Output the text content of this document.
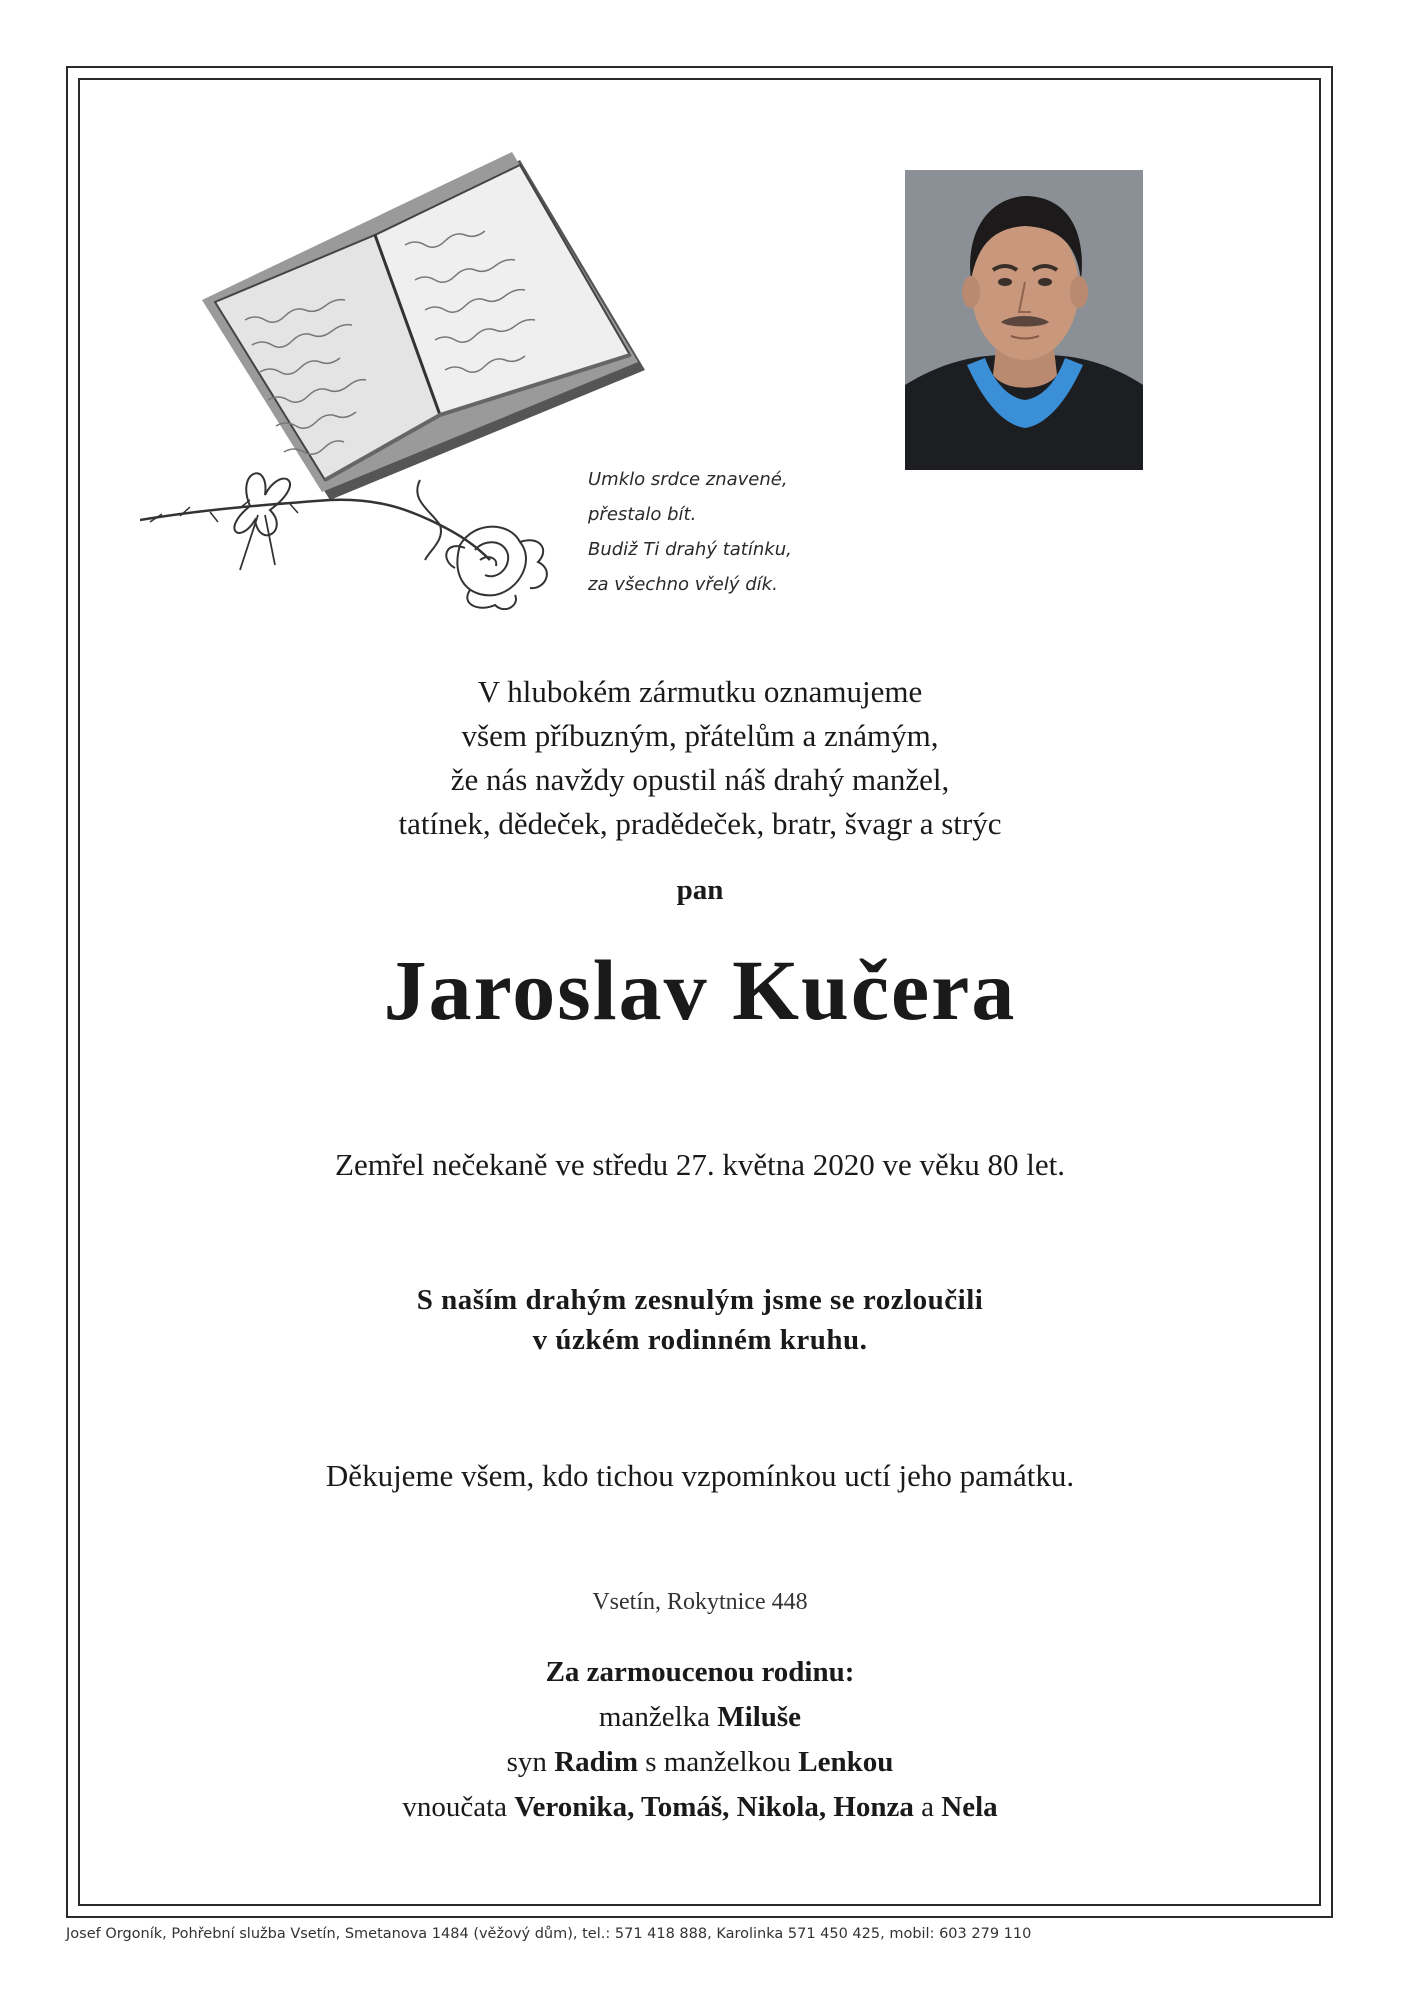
Umklo srdce znavené,
přestalo bít.
Budiž Ti drahý tatínku,
za všechno vřelý dík.
V hlubokém zármutku oznamujeme
všem příbuzným, přátelům a známým,
že nás navždy opustil náš drahý manžel,
tatínek, dědeček, pradědeček, bratr, švagr a strýc
pan
Jaroslav Kučera
Zemřel nečekaně ve středu 27. května 2020 ve věku 80 let.
S naším drahým zesnulým jsme se rozloučili
v úzkém rodinném kruhu.
Děkujeme všem, kdo tichou vzpomínkou uctí jeho památku.
Vsetín, Rokytnice 448
Za zarmoucenou rodinu:
manželka Miluše
syn Radim s manželkou Lenkou
vnoučata Veronika, Tomáš, Nikola, Honza a Nela
Josef Orgoník, Pohřební služba Vsetín, Smetanova 1484 (věžový dům), tel.: 571 418 888, Karolinka 571 450 425, mobil: 603 279 110
